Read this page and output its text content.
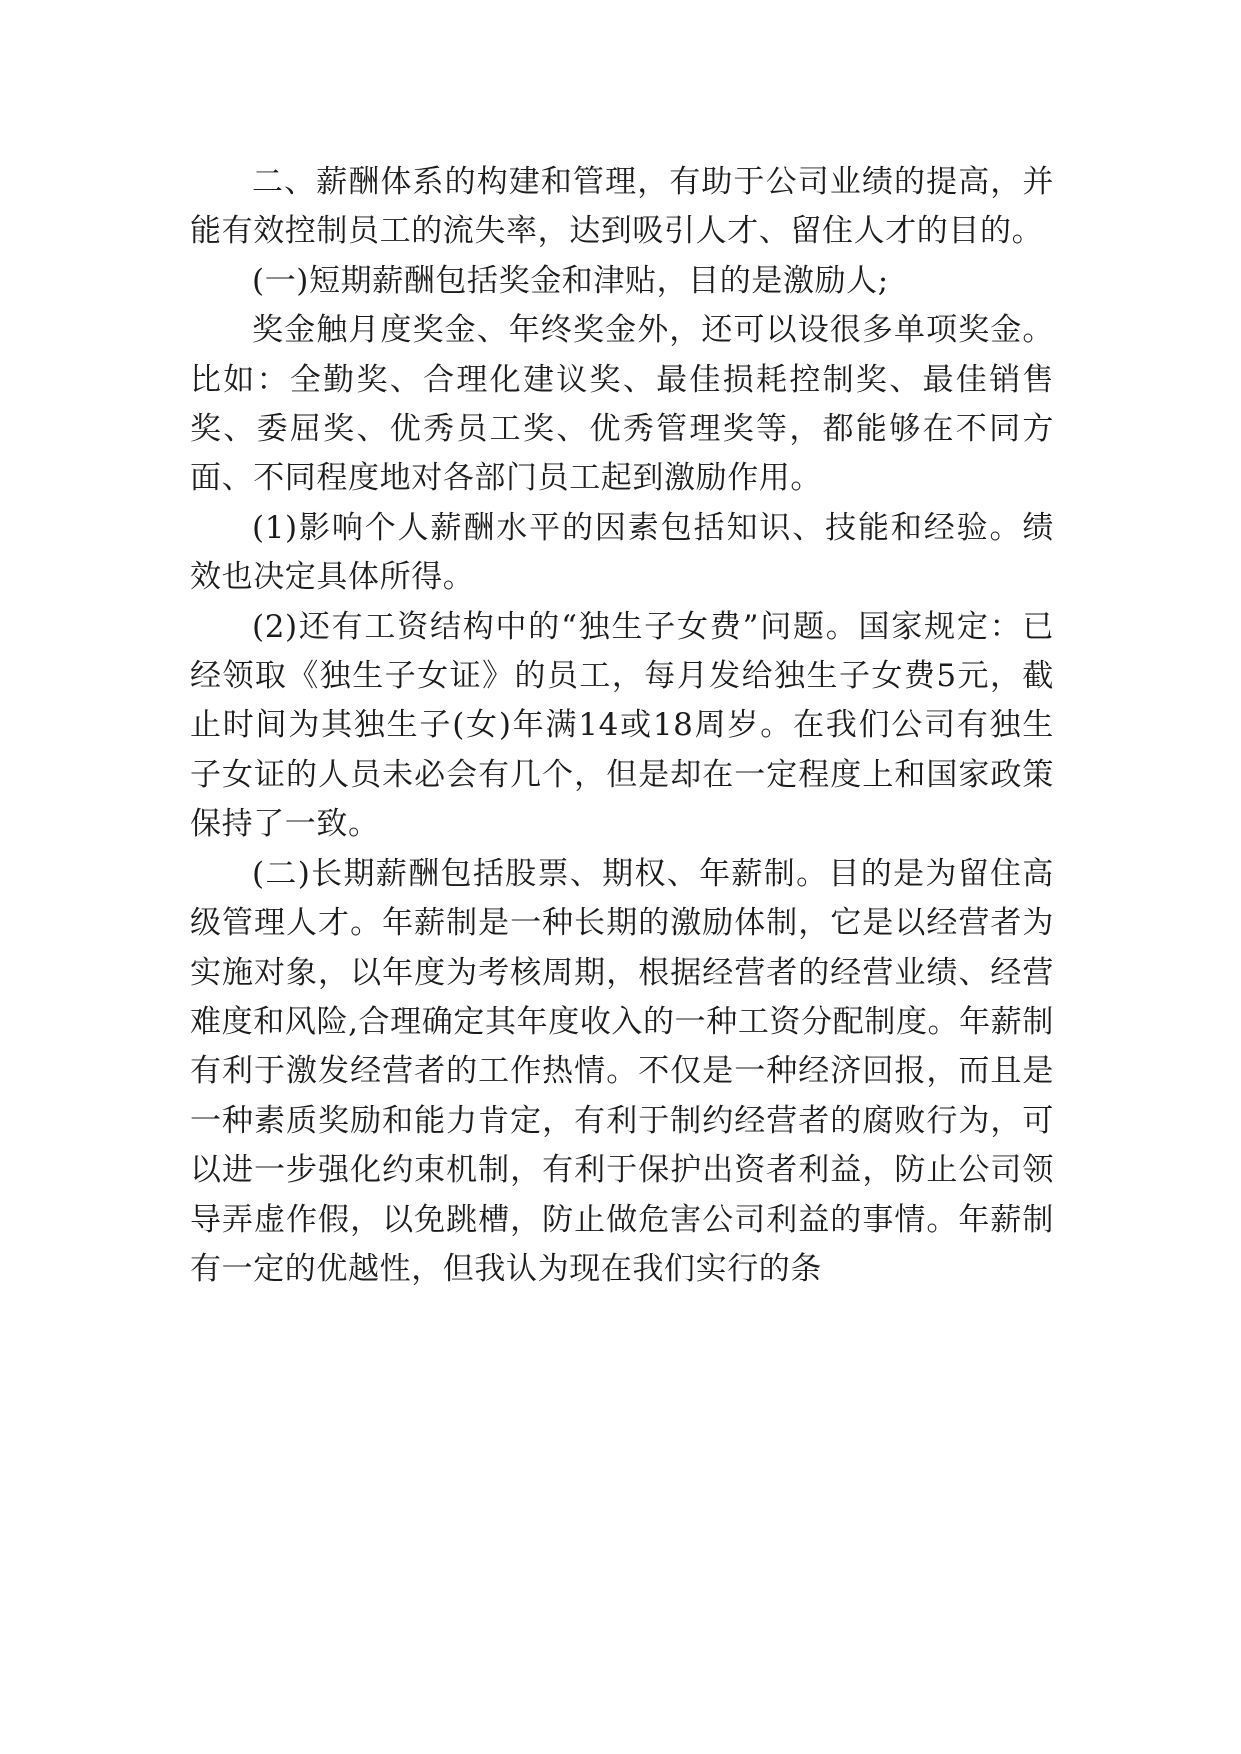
二、薪酬体系的构建和管理，有助于公司业绩的提高，并能有效控制员工的流失率，达到吸引人才、留住人才的目的。

(一)短期薪酬包括奖金和津贴，目的是激励人;

奖金触月度奖金、年终奖金外，还可以设很多单项奖金。比如：全勤奖、合理化建议奖、最佳损耗控制奖、最佳销售奖、委屈奖、优秀员工奖、优秀管理奖等，都能够在不同方面、不同程度地对各部门员工起到激励作用。

(1)影响个人薪酬水平的因素包括知识、技能和经验。绩效也决定具体所得。

(2)还有工资结构中的“独生子女费”问题。国家规定：已经领取《独生子女证》的员工，每月发给独生子女费5元，截止时间为其独生子(女)年满14或18周岁。在我们公司有独生子女证的人员未必会有几个，但是却在一定程度上和国家政策保持了一致。

(二)长期薪酬包括股票、期权、年薪制。目的是为留住高级管理人才。年薪制是一种长期的激励体制，它是以经营者为实施对象，以年度为考核周期，根据经营者的经营业绩、经营难度和风险,合理确定其年度收入的一种工资分配制度。年薪制有利于激发经营者的工作热情。不仅是一种经济回报，而且是一种素质奖励和能力肯定，有利于制约经营者的腐败行为，可以进一步强化约束机制，有利于保护出资者利益，防止公司领导弄虚作假，以免跳槽，防止做危害公司利益的事情。年薪制有一定的优越性，但我认为现在我们实行的条
